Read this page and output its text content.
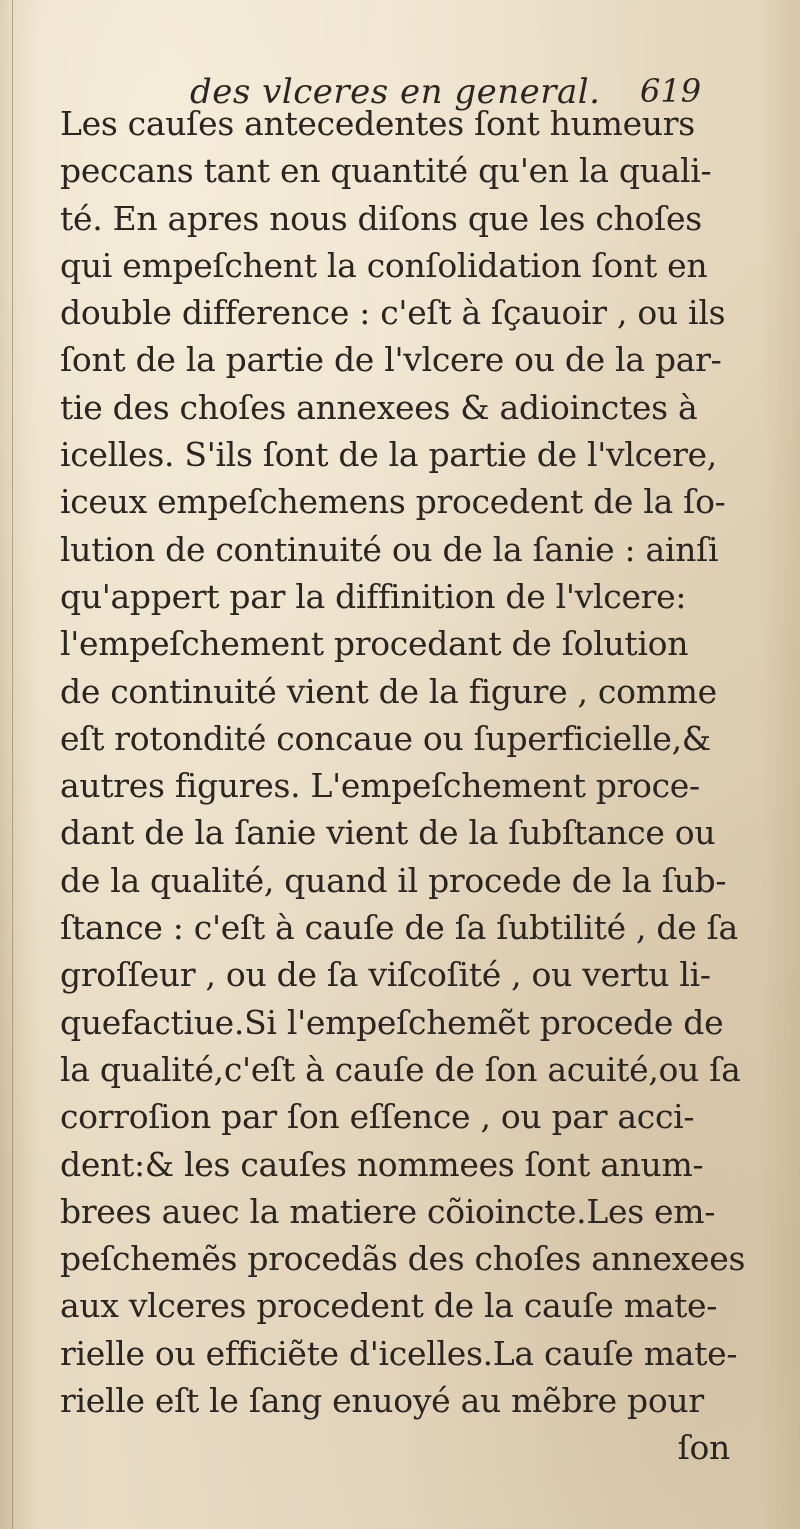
des vlceres en general. 619
Les cauſes antecedentes ſont humeurs
peccans tant en quantité qu'en la quali-
té. En apres nous diſons que les choſes
qui empeſchent la conſolidation ſont en
double difference : c'eſt à ſçauoir , ou ils
ſont de la partie de l'vlcere ou de la par-
tie des choſes annexees & adioinctes à
icelles. S'ils ſont de la partie de l'vlcere,
iceux empeſchemens procedent de la ſo-
lution de continuité ou de la ſanie : ainſi
qu'appert par la diffinition de l'vlcere:
l'empeſchement procedant de ſolution
de continuité vient de la figure , comme
eſt rotondité concaue ou ſuperficielle,&
autres figures. L'empeſchement proce-
dant de la ſanie vient de la ſubſtance ou
de la qualité, quand il procede de la ſub-
ſtance : c'eſt à cauſe de ſa ſubtilité , de ſa
groſſeur , ou de ſa viſcoſité , ou vertu li-
quefactiue.Si l'empeſchemẽt procede de
la qualité,c'eſt à cauſe de ſon acuité,ou ſa
corroſion par ſon eſſence , ou par acci-
dent:& les cauſes nommees ſont anum-
brees auec la matiere cõioincte.Les em-
peſchemẽs procedãs des choſes annexees
aux vlceres procedent de la cauſe mate-
rielle ou efficiẽte d'icelles.La cauſe mate-
rielle eſt le ſang enuoyé au mẽbre pour
ſon
